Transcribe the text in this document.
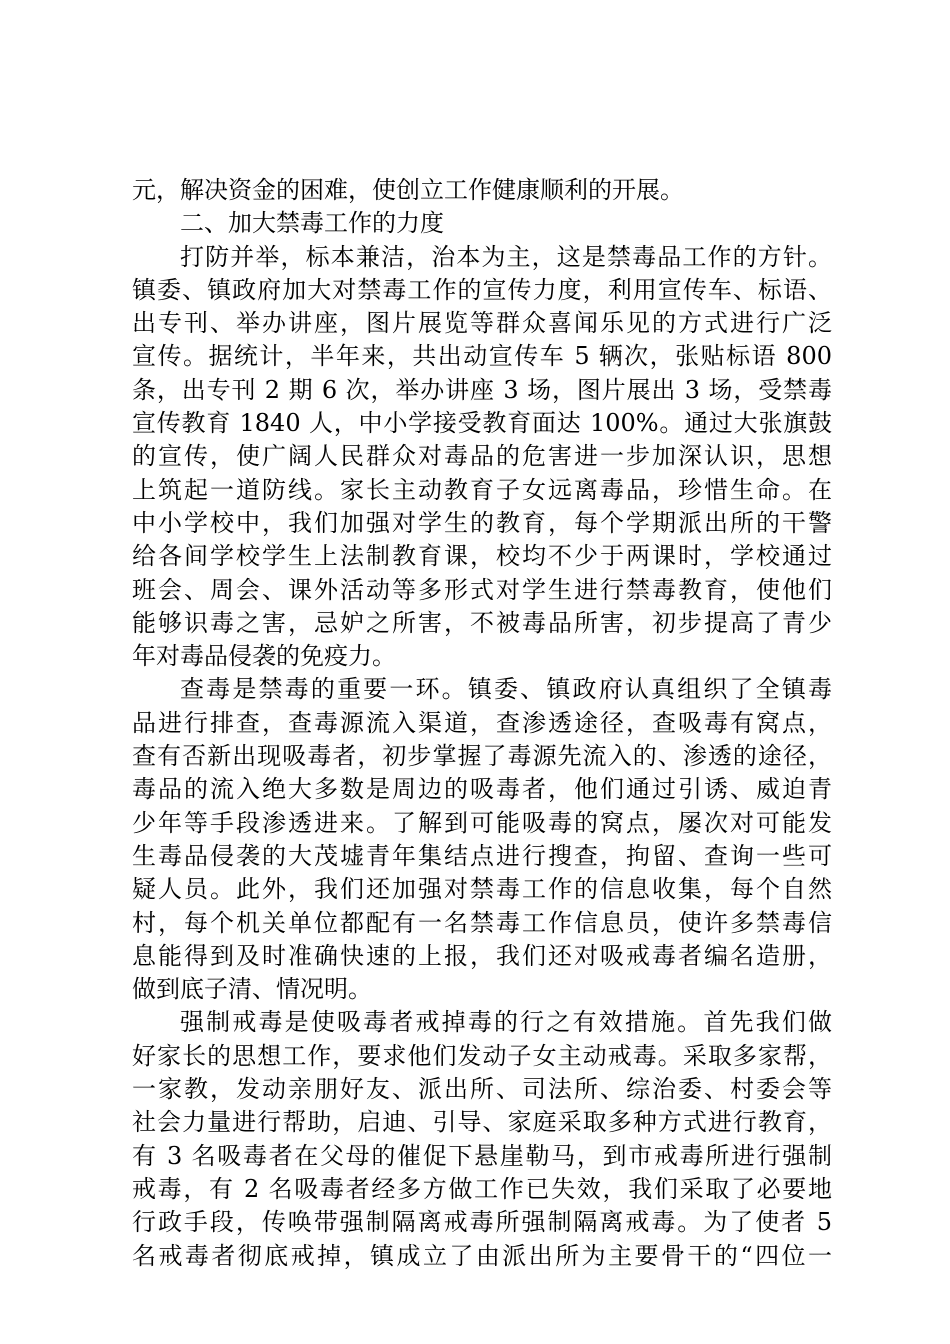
元，解决资金的困难，使创立工作健康顺利的开展。
二、加大禁毒工作的力度
打防并举，标本兼洁，治本为主，这是禁毒品工作的方针。
镇委、镇政府加大对禁毒工作的宣传力度，利用宣传车、标语、
出专刊、举办讲座，图片展览等群众喜闻乐见的方式进行广泛
宣传。据统计，半年来，共出动宣传车 5 辆次，张贴标语 800
条，出专刊 2 期 6 次，举办讲座 3 场，图片展出 3 场，受禁毒
宣传教育 1840 人，中小学接受教育面达 100%。通过大张旗鼓
的宣传，使广阔人民群众对毒品的危害进一步加深认识，思想
上筑起一道防线。家长主动教育子女远离毒品，珍惜生命。在
中小学校中，我们加强对学生的教育，每个学期派出所的干警
给各间学校学生上法制教育课，校均不少于两课时，学校通过
班会、周会、课外活动等多形式对学生进行禁毒教育，使他们
能够识毒之害，忌妒之所害，不被毒品所害，初步提高了青少
年对毒品侵袭的免疫力。
查毒是禁毒的重要一环。镇委、镇政府认真组织了全镇毒
品进行排查，查毒源流入渠道，查渗透途径，查吸毒有窝点，
查有否新出现吸毒者，初步掌握了毒源先流入的、渗透的途径，
毒品的流入绝大多数是周边的吸毒者，他们通过引诱、威迫青
少年等手段渗透进来。了解到可能吸毒的窝点，屡次对可能发
生毒品侵袭的大茂墟青年集结点进行搜查，拘留、查询一些可
疑人员。此外，我们还加强对禁毒工作的信息收集，每个自然
村，每个机关单位都配有一名禁毒工作信息员，使许多禁毒信
息能得到及时准确快速的上报，我们还对吸戒毒者编名造册，
做到底子清、情况明。
强制戒毒是使吸毒者戒掉毒的行之有效措施。首先我们做
好家长的思想工作，要求他们发动子女主动戒毒。采取多家帮，
一家教，发动亲朋好友、派出所、司法所、综治委、村委会等
社会力量进行帮助，启迪、引导、家庭采取多种方式进行教育，
有 3 名吸毒者在父母的催促下悬崖勒马，到市戒毒所进行强制
戒毒，有 2 名吸毒者经多方做工作已失效，我们采取了必要地
行政手段，传唤带强制隔离戒毒所强制隔离戒毒。为了使者 5
名戒毒者彻底戒掉，镇成立了由派出所为主要骨干的“四位一
